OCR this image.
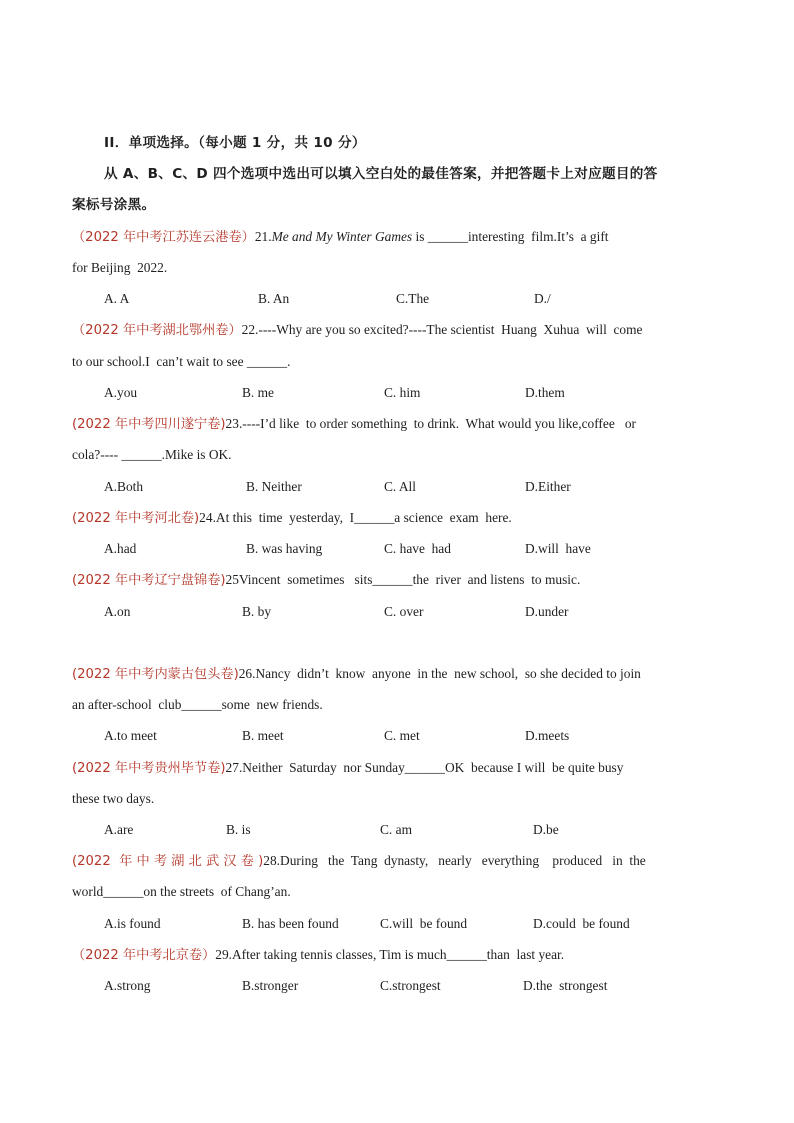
II．单项选择。（每小题 1 分，共 10 分）
从 A、B、C、D 四个选项中选出可以填入空白处的最佳答案，并把答题卡上对应题目的答
案标号涂黑。
（2022 年中考江苏连云港卷）21.Me and My Winter Games is ______interesting  film.It’s  a gift
for Beijing  2022.
A. A	B. An	C.The	D./
（2022 年中考湖北鄂州卷）22.----Why are you so excited?----The scientist  Huang  Xuhua  will  come
to our school.I  can’t wait to see ______.
A.you	B. me	C. him	D.them
(2022 年中考四川遂宁卷)23.----I’d like  to order something  to drink.  What would you like,coffee   or
cola?---- ______.Mike is OK.
A.Both	B. Neither	C. All	D.Either
(2022 年中考河北卷)24.At this  time  yesterday,  I______a science  exam  here.
A.had	B. was having	C. have  had	D.will  have
(2022 年中考辽宁盘锦卷)25Vincent  sometimes   sits______the  river  and listens  to music.
A.on	B. by	C. over	D.under
(2022 年中考内蒙古包头卷)26.Nancy  didn’t  know  anyone  in the  new school,  so she decided to join
an after-school  club______some  new friends.
A.to meet	B. meet	C. met	D.meets
(2022 年中考贵州毕节卷)27.Neither  Saturday  nor Sunday______OK  because I will  be quite busy
these two days.
A.are	B. is	C. am	D.be
(2022  年 中 考 湖 北 武 汉 卷 )28.During   the  Tang  dynasty,   nearly   everything    produced   in  the
world______on the streets  of Chang’an.
A.is found	B. has been found	C.will  be found	D.could  be found
（2022 年中考北京卷）29.After taking tennis classes, Tim is much______than  last year.
A.strong	B.stronger	C.strongest	D.the  strongest
